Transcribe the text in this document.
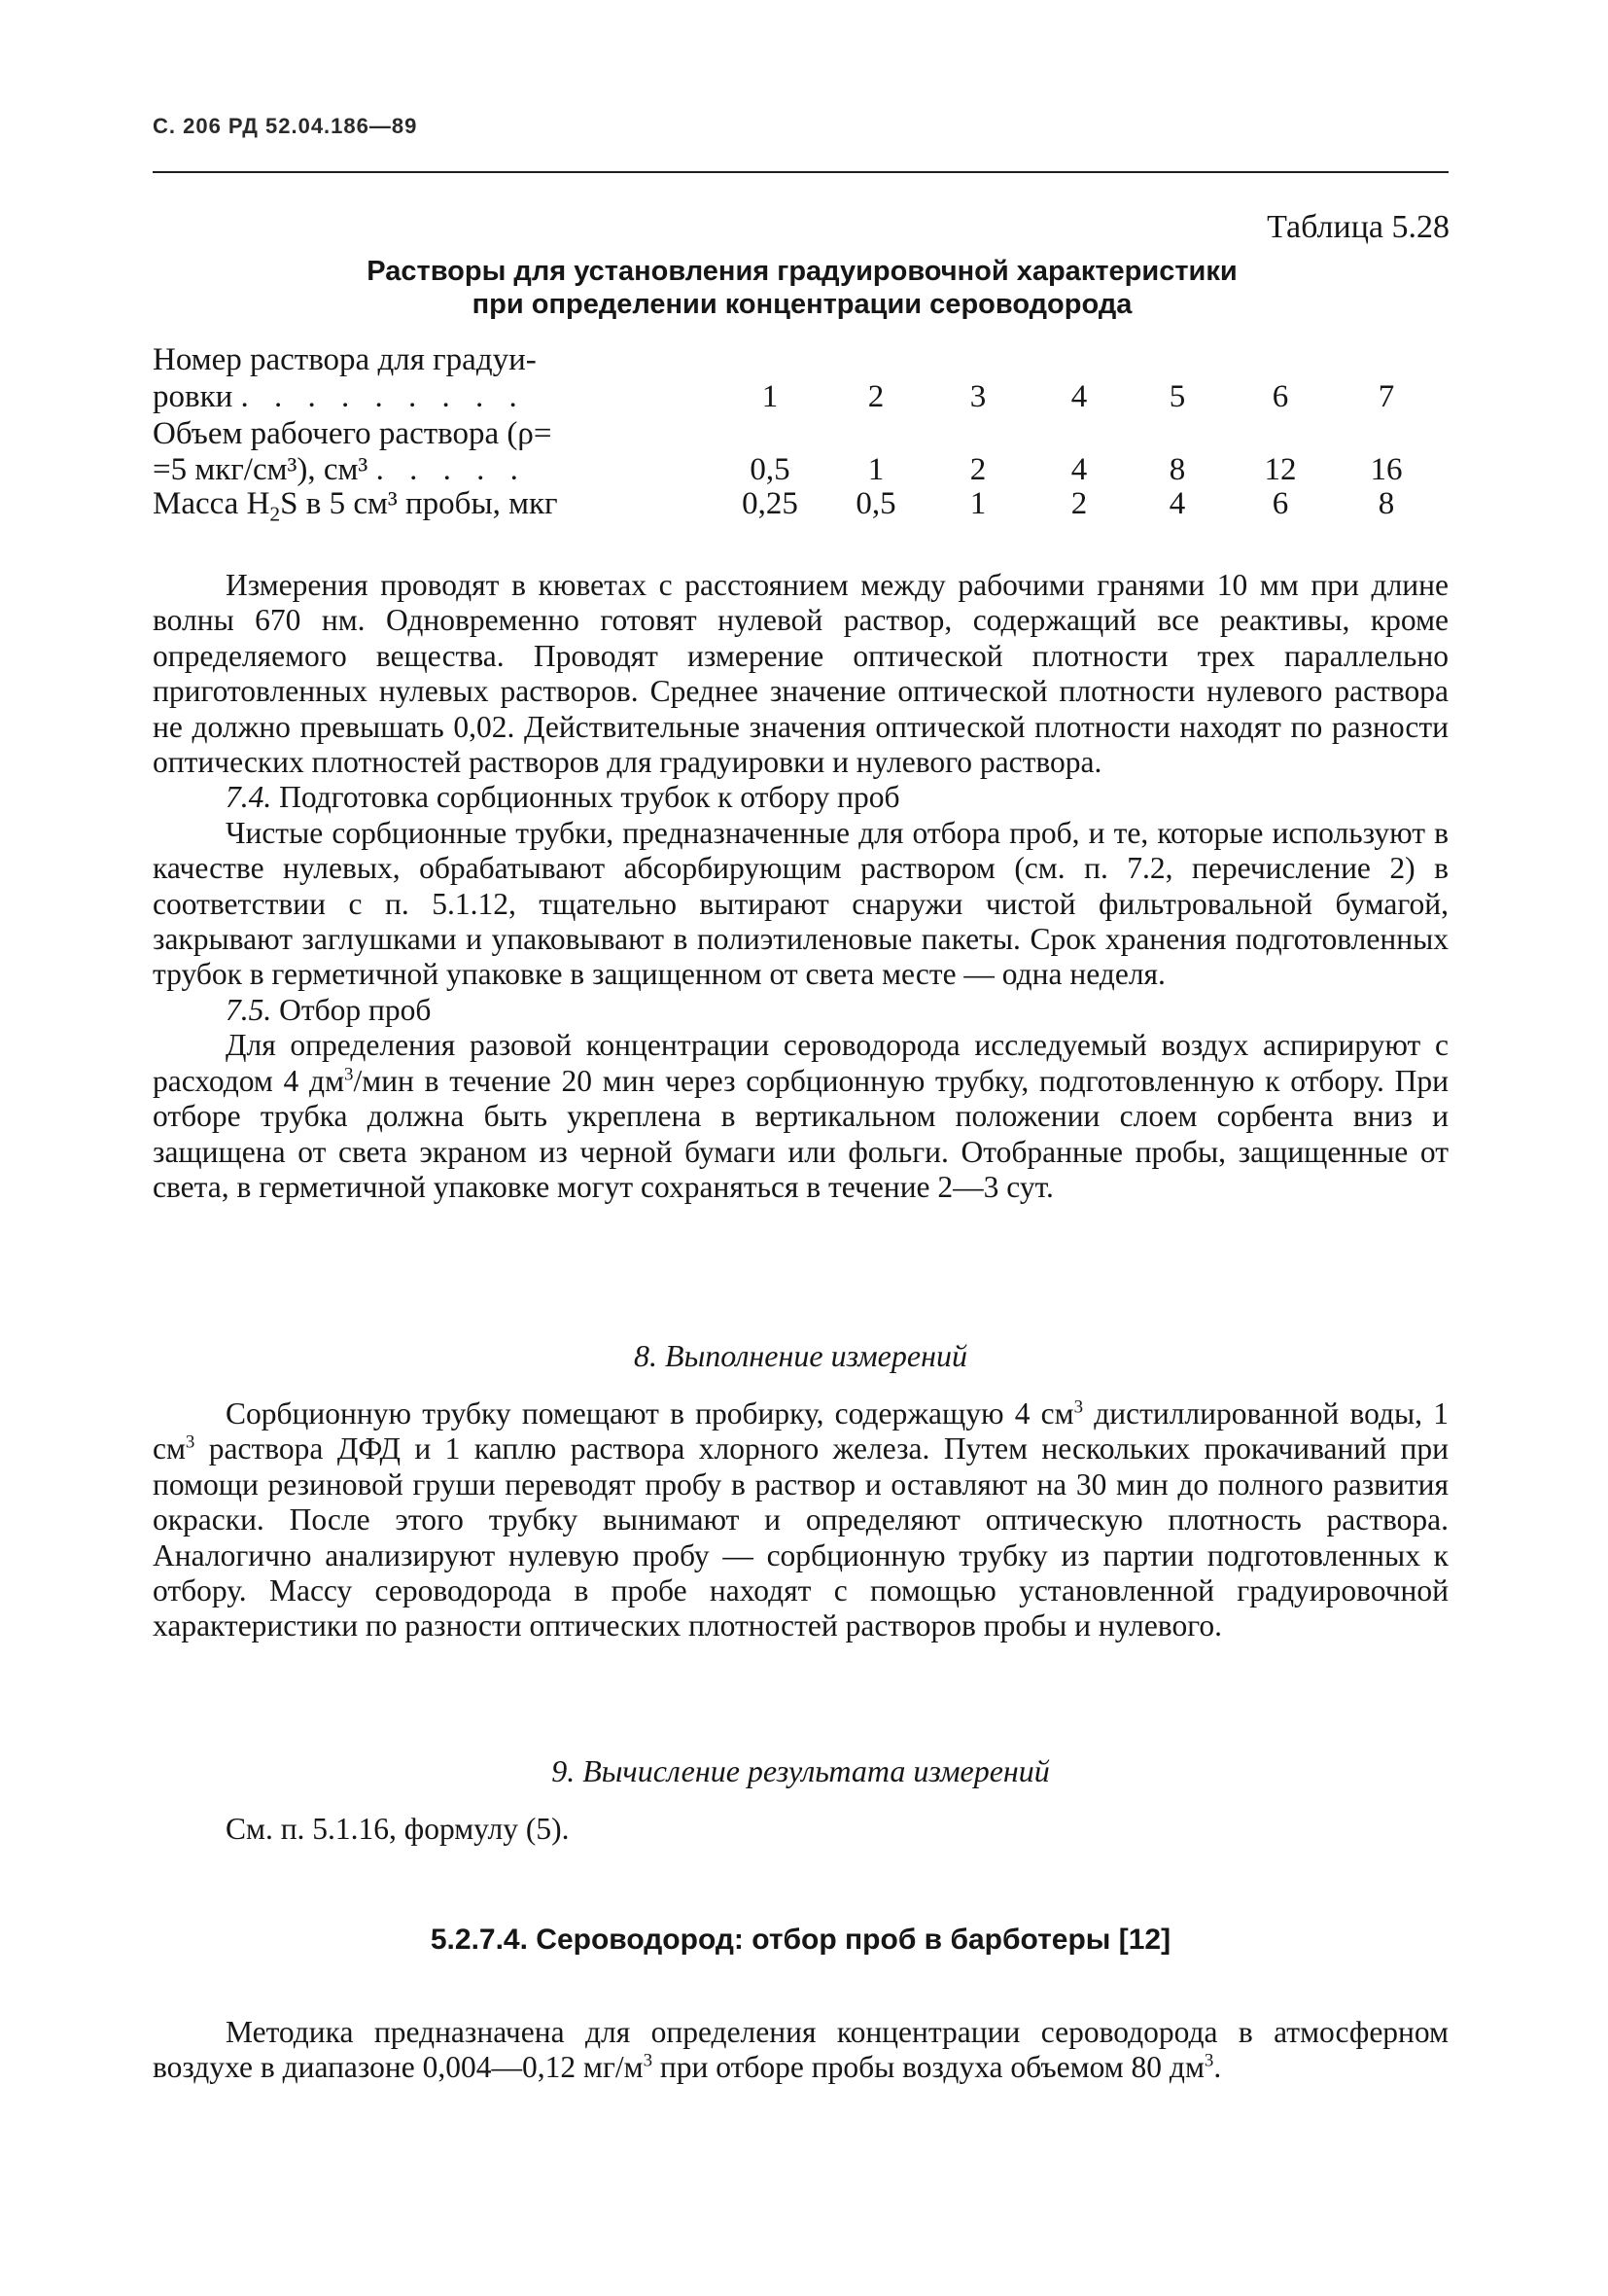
С. 206 РД 52.04.186—89
Таблица 5.28
Растворы для установления градуировочной характеристики
при определении концентрации сероводорода
Номер раствора для градуи-
ровки . . . . . . . . .	1	2	3	4	5	6	7
Объем рабочего раствора (ρ=
=5 мкг/см³), см³ . . . . .	0,5	1	2	4	8	12	16
Масса $H_2S$ в 5 см³ пробы, мкг	0,25	0,5	1	2	4	6	8

Измерения проводят в кюветах с расстоянием между рабочими гранями 10 мм при длине волны 670 нм. Одновременно готовят нулевой раствор, содержащий все реактивы, кроме определяемого вещества. Проводят измерение оптической плотности трех параллельно приготовленных нулевых растворов. Среднее значение оптической плотности нулевого раствора не должно превышать 0,02. Действительные значения оптической плотности находят по разности оптических плотностей растворов для градуировки и нулевого раствора.

7.4. Подготовка сорбционных трубок к отбору проб

Чистые сорбционные трубки, предназначенные для отбора проб, и те, которые используют в качестве нулевых, обрабатывают абсорбирующим раствором (см. п. 7.2, перечисление 2) в соответствии с п. 5.1.12, тщательно вытирают снаружи чистой фильтровальной бумагой, закрывают заглушками и упаковывают в полиэтиленовые пакеты. Срок хранения подготовленных трубок в герметичной упаковке в защищенном от света месте — одна неделя.

7.5. Отбор проб

Для определения разовой концентрации сероводорода исследуемый воздух аспирируют с расходом 4 $дм^3$/мин в течение 20 мин через сорбционную трубку, подготовленную к отбору. При отборе трубка должна быть укреплена в вертикальном положении слоем сорбента вниз и защищена от света экраном из черной бумаги или фольги. Отобранные пробы, защищенные от света, в герметичной упаковке могут сохраняться в течение 2—3 сут.

8. Выполнение измерений

Сорбционную трубку помещают в пробирку, содержащую 4 $см^3$ дистиллированной воды, 1 $см^3$ раствора ДФД и 1 каплю раствора хлорного железа. Путем нескольких прокачиваний при помощи резиновой груши переводят пробу в раствор и оставляют на 30 мин до полного развития окраски. После этого трубку вынимают и определяют оптическую плотность раствора. Аналогично анализируют нулевую пробу — сорбционную трубку из партии подготовленных к отбору. Массу сероводорода в пробе находят с помощью установленной градуировочной характеристики по разности оптических плотностей растворов пробы и нулевого.

9. Вычисление результата измерений

См. п. 5.1.16, формулу (5).

5.2.7.4. Сероводород: отбор проб в барботеры [12]

Методика предназначена для определения концентрации сероводорода в атмосферном воздухе в диапазоне 0,004—0,12 $мг/м^3$ при отборе пробы воздуха объемом 80 $дм^3$.
